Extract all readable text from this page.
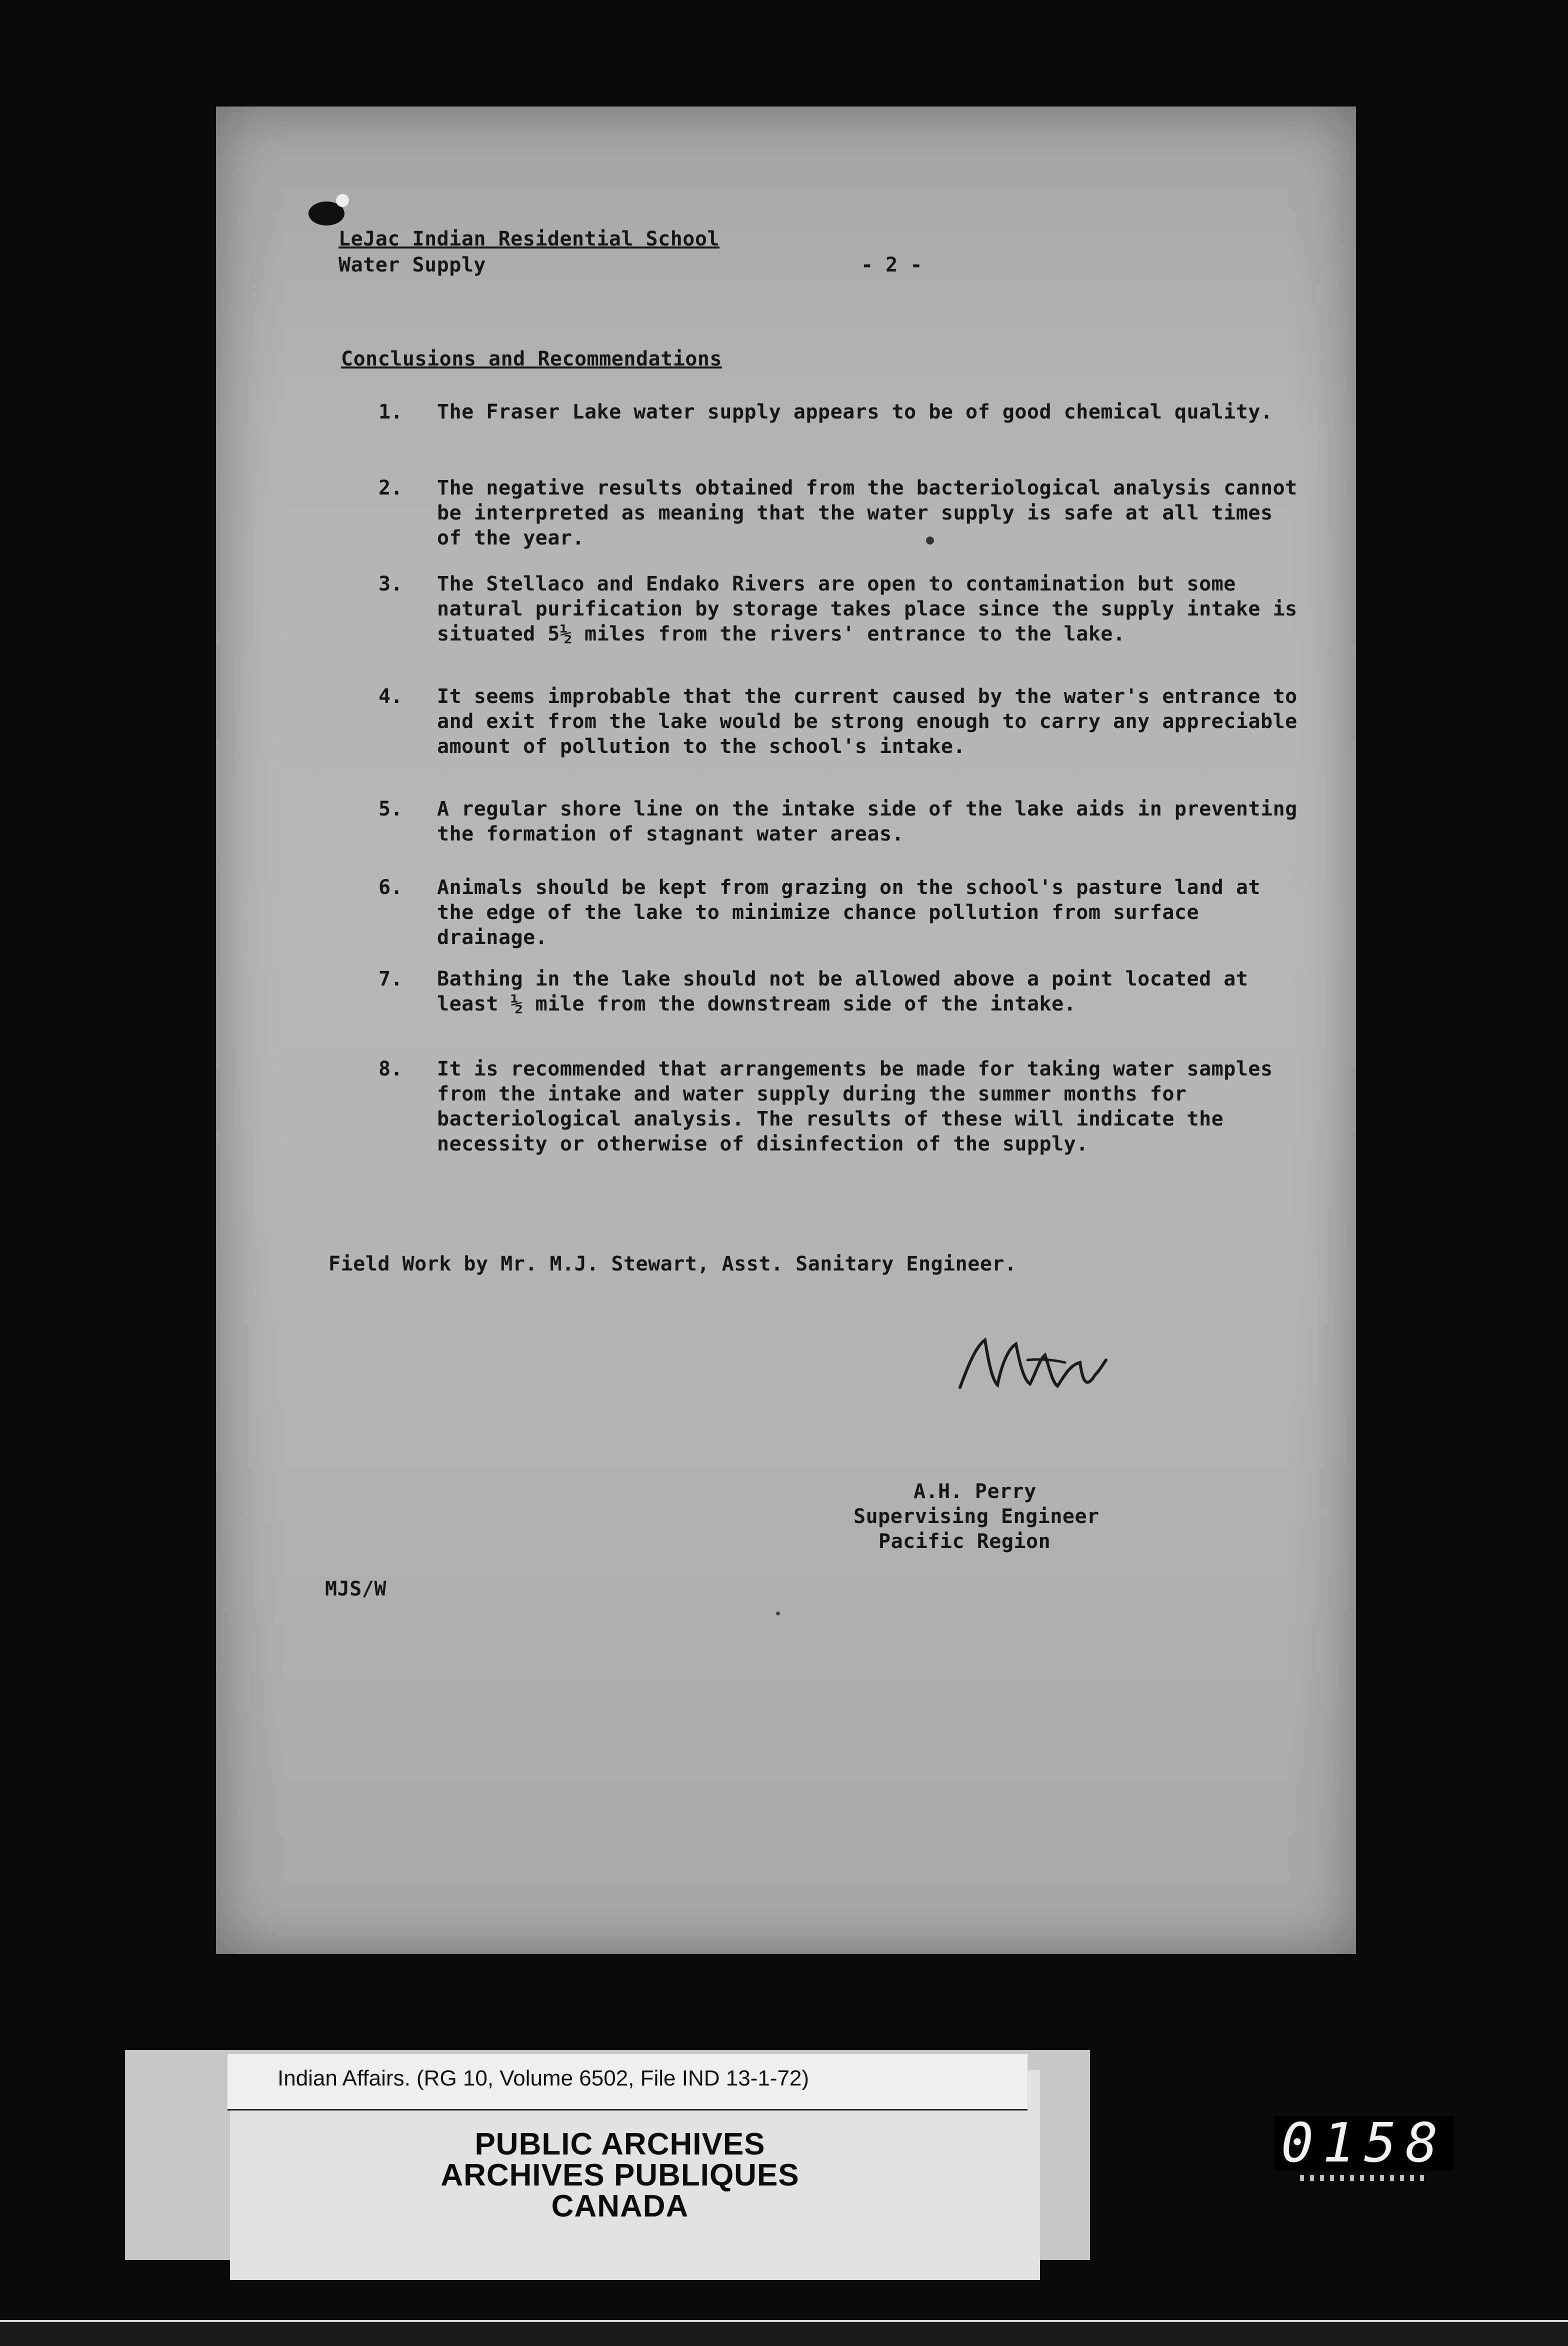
LeJac Indian Residential School
Water Supply	- 2 -
Conclusions and Recommendations
1. The Fraser Lake water supply appears to be of good chemical quality.
2. The negative results obtained from the bacteriological analysis cannot be interpreted as meaning that the water supply is safe at all times of the year.
3. The Stellaco and Endako Rivers are open to contamination but some natural purification by storage takes place since the supply intake is situated 5½ miles from the rivers' entrance to the lake.
4. It seems improbable that the current caused by the water's entrance to and exit from the lake would be strong enough to carry any appreciable amount of pollution to the school's intake.
5. A regular shore line on the intake side of the lake aids in preventing the formation of stagnant water areas.
6. Animals should be kept from grazing on the school's pasture land at the edge of the lake to minimize chance pollution from surface drainage.
7. Bathing in the lake should not be allowed above a point located at least ½ mile from the downstream side of the intake.
8. It is recommended that arrangements be made for taking water samples from the intake and water supply during the summer months for bacteriological analysis. The results of these will indicate the necessity or otherwise of disinfection of the supply.
Field Work by Mr. M.J. Stewart, Asst. Sanitary Engineer.
A.H. Perry
Supervising Engineer
Pacific Region
MJS/W
Indian Affairs. (RG 10, Volume 6502, File IND 13-1-72)
PUBLIC ARCHIVES
ARCHIVES PUBLIQUES
CANADA
0158
